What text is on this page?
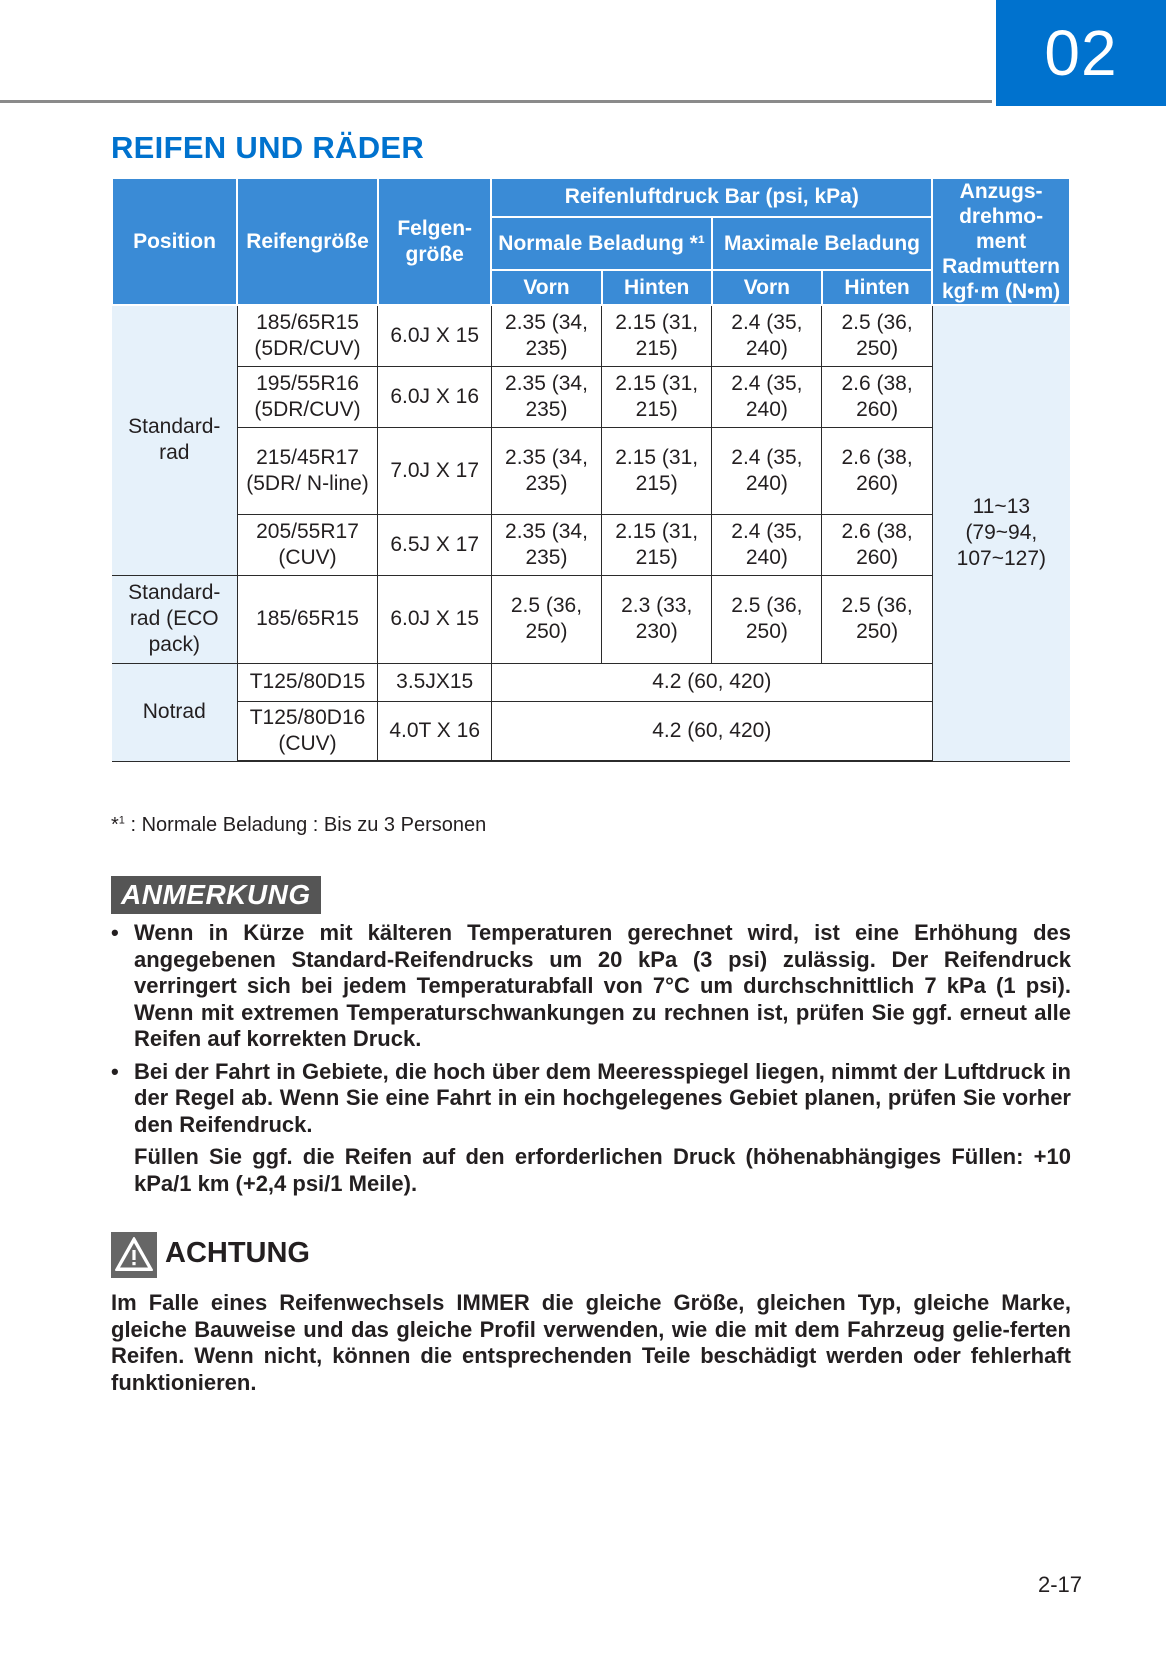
02
REIFEN UND RÄDER
Position	Reifengröße	Felgen-größe	Reifenluftdruck Bar (psi, kPa)				Anzugs-drehmo-ment Radmuttern kgf·m (N•m)
			Normale Beladung *¹		Maximale Beladung		
			Vorn	Hinten	Vorn	Hinten	
Standard-rad	185/65R15 (5DR/CUV)	6.0J X 15	2.35 (34, 235)	2.15 (31, 215)	2.4 (35, 240)	2.5 (36, 250)	11~13 (79~94, 107~127)
	195/55R16 (5DR/CUV)	6.0J X 16	2.35 (34, 235)	2.15 (31, 215)	2.4 (35, 240)	2.6 (38, 260)	
	215/45R17 (5DR/ N-line)	7.0J X 17	2.35 (34, 235)	2.15 (31, 215)	2.4 (35, 240)	2.6 (38, 260)	
	205/55R17 (CUV)	6.5J X 17	2.35 (34, 235)	2.15 (31, 215)	2.4 (35, 240)	2.6 (38, 260)	
Standard-rad (ECO pack)	185/65R15	6.0J X 15	2.5 (36, 250)	2.3 (33, 230)	2.5 (36, 250)	2.5 (36, 250)	
Notrad	T125/80D15	3.5JX15	4.2 (60, 420)				
	T125/80D16 (CUV)	4.0T X 16	4.2 (60, 420)				
*$^1$ : Normale Beladung : Bis zu 3 Personen
ANMERKUNG
• Wenn in Kürze mit kälteren Temperaturen gerechnet wird, ist eine Erhöhung des angegebenen Standard-Reifendrucks um 20 kPa (3 psi) zulässig. Der Reifendruck verringert sich bei jedem Temperaturabfall von 7°C um durchschnittlich 7 kPa (1 psi). Wenn mit extremen Temperaturschwankungen zu rechnen ist, prüfen Sie ggf. erneut alle Reifen auf korrekten Druck.

• Bei der Fahrt in Gebiete, die hoch über dem Meeresspiegel liegen, nimmt der Luftdruck in der Regel ab. Wenn Sie eine Fahrt in ein hochgelegenes Gebiet planen, prüfen Sie vorher den Reifendruck.

Füllen Sie ggf. die Reifen auf den erforderlichen Druck (höhenabhängiges Füllen: +10 kPa/1 km (+2,4 psi/1 Meile).

ACHTUNG

Im Falle eines Reifenwechsels IMMER die gleiche Größe, gleichen Typ, gleiche Marke, gleiche Bauweise und das gleiche Profil verwenden, wie die mit dem Fahrzeug gelie-ferten Reifen. Wenn nicht, können die entsprechenden Teile beschädigt werden oder fehlerhaft funktionieren.

2-17
